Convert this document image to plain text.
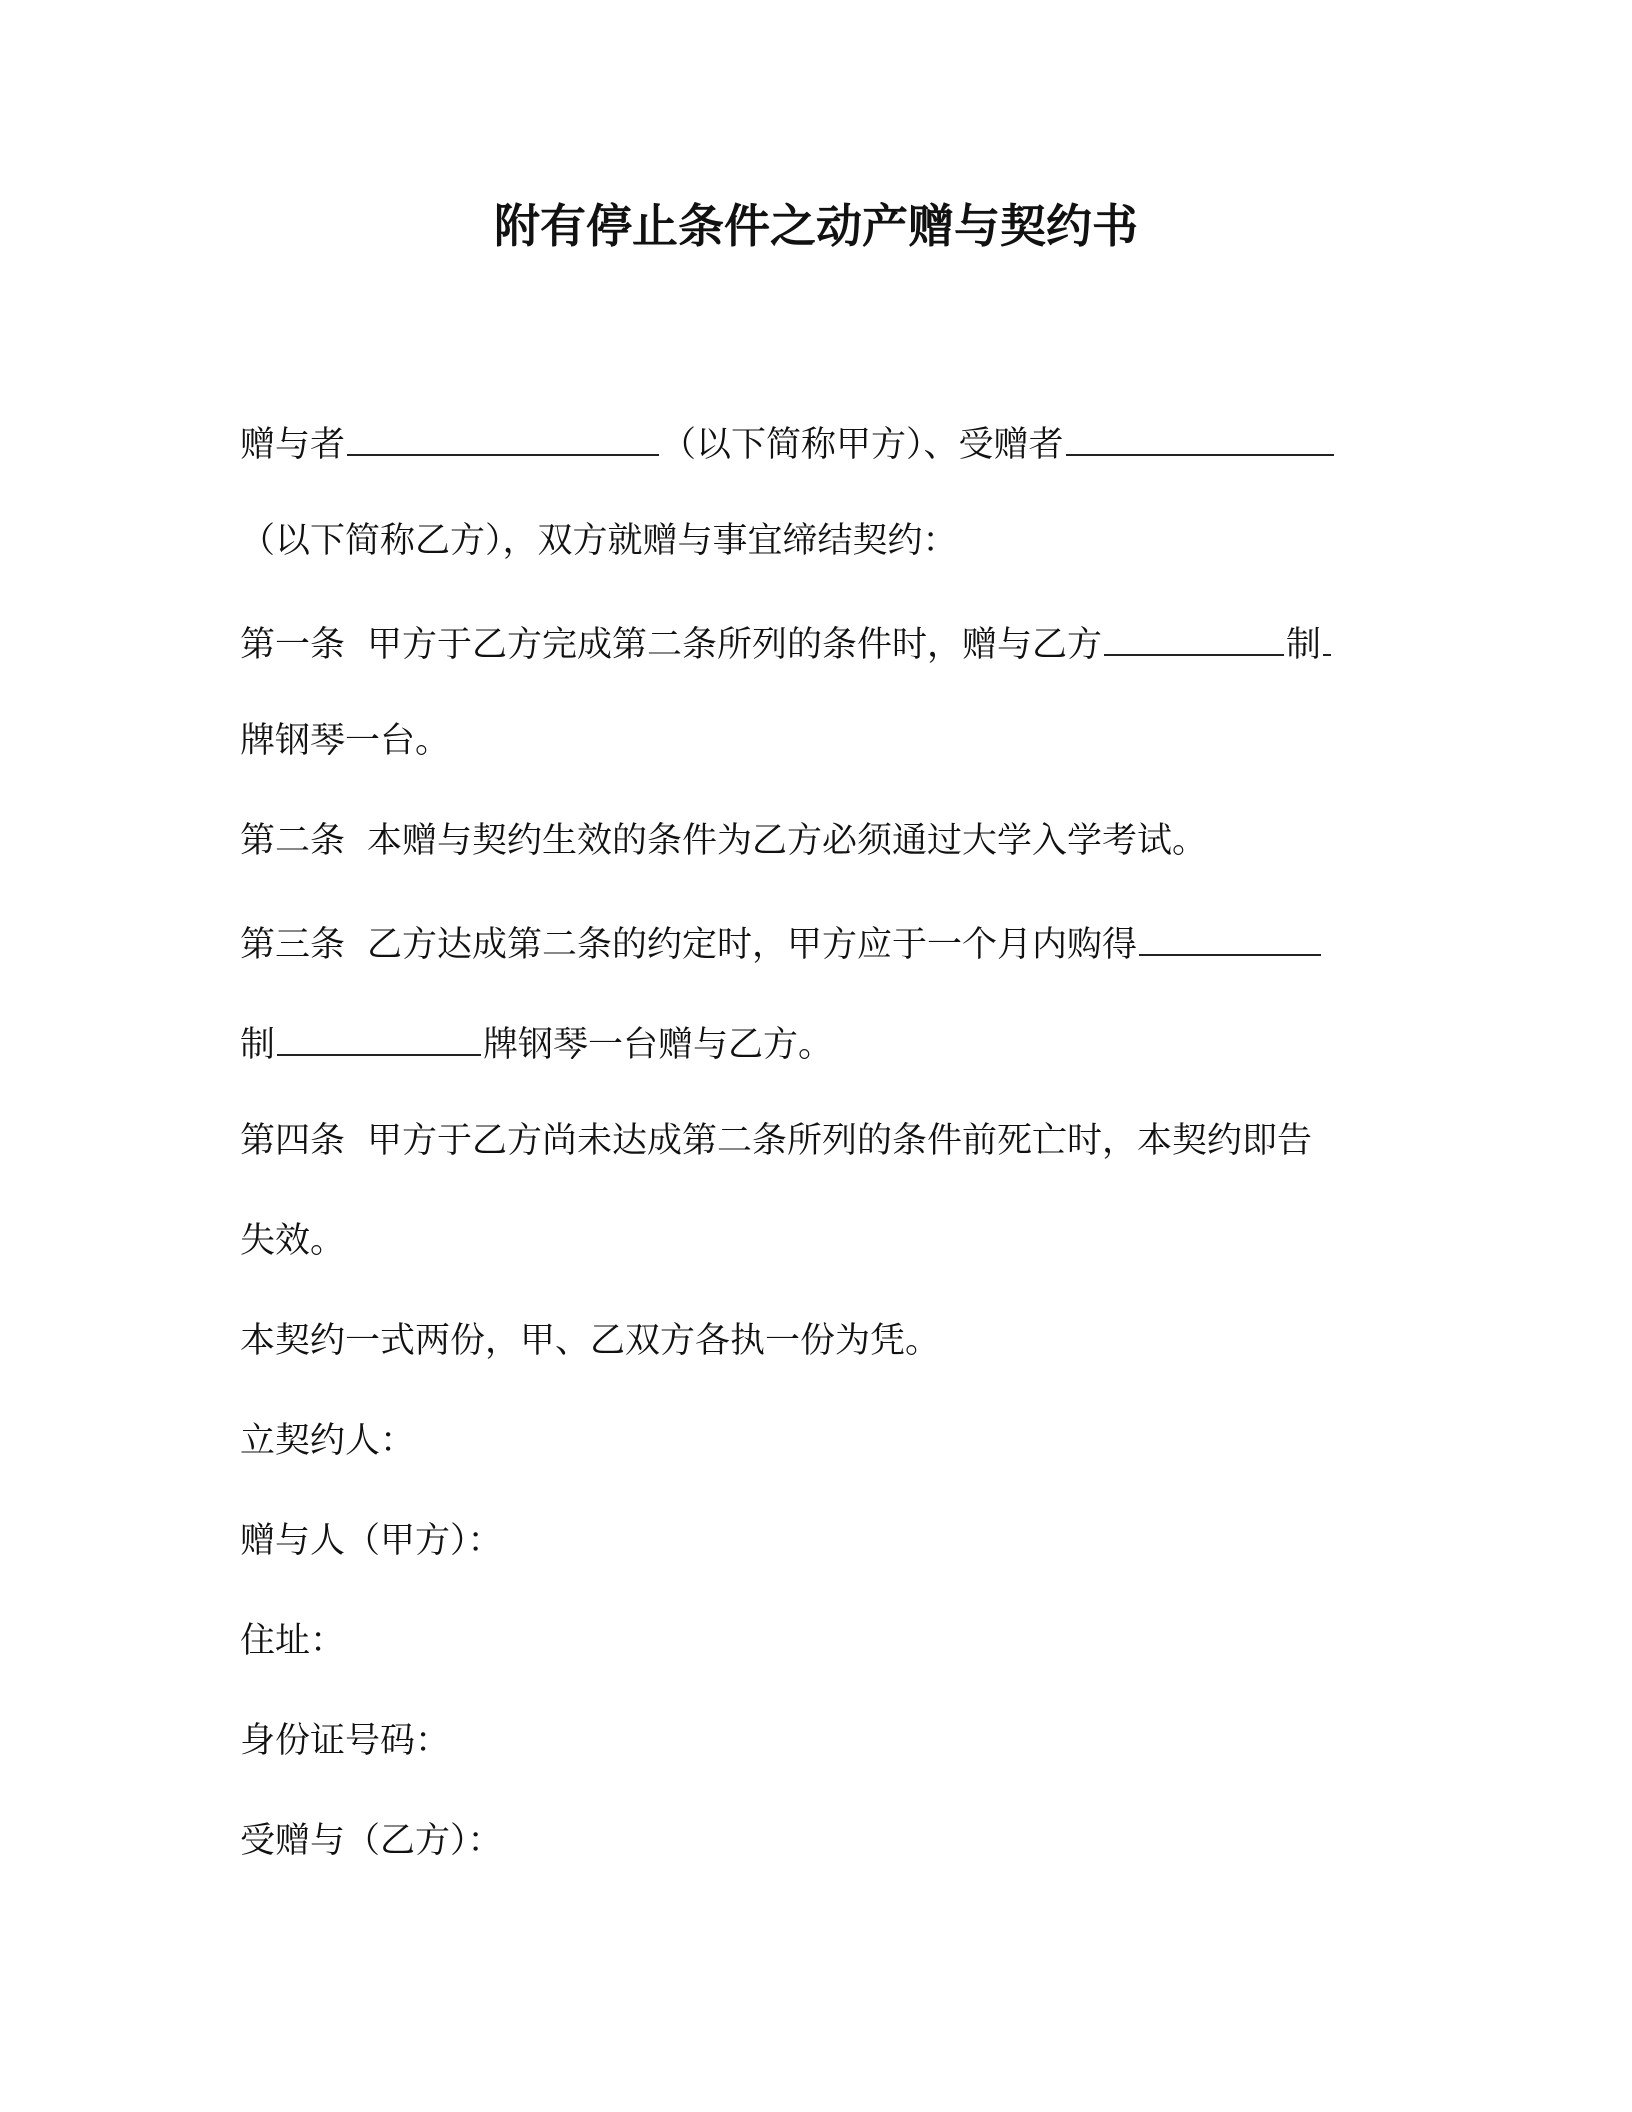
附有停止条件之动产赠与契约书
赠与者	（以下简称甲方）、受赠者
（以下简称乙方），双方就赠与事宜缔结契约：
第一条 甲方于乙方完成第二条所列的条件时，赠与乙方	制
牌钢琴一台。
第二条 本赠与契约生效的条件为乙方必须通过大学入学考试。
第三条 乙方达成第二条的约定时，甲方应于一个月内购得
制	牌钢琴一台赠与乙方。
第四条 甲方于乙方尚未达成第二条所列的条件前死亡时，本契约即告
失效。
本契约一式两份，甲、乙双方各执一份为凭。
立契约人：
赠与人（甲方）：
住址：
身份证号码：
受赠与（乙方）：
